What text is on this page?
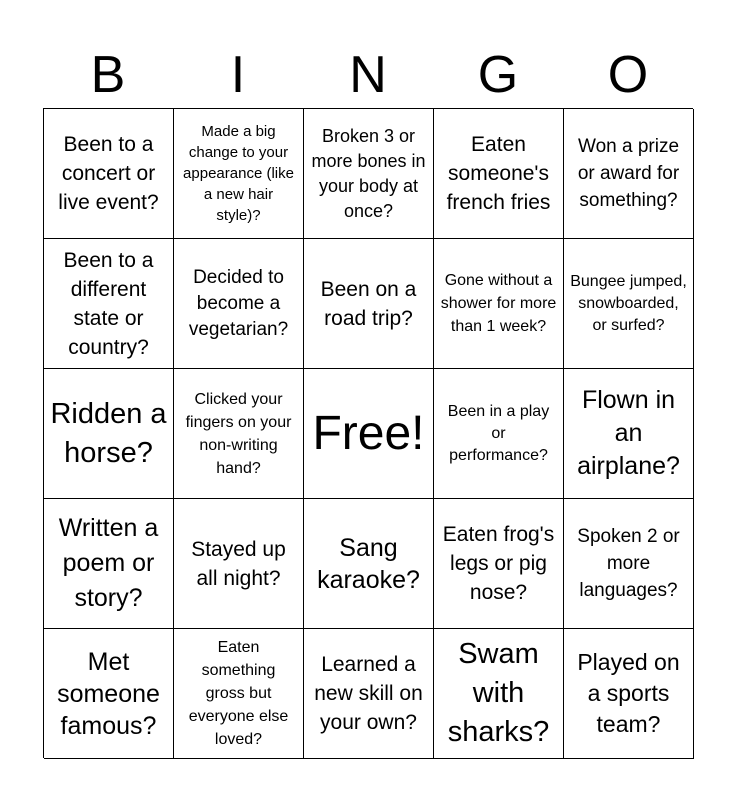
B	I	N	G	O
Been to a concert or live event?
Made a big change to your appearance (like a new hair style)?
Broken 3 or more bones in your body at once?
Eaten someone's french fries
Won a prize or award for something?
Been to a different state or country?
Decided to become a vegetarian?
Been on a road trip?
Gone without a shower for more than 1 week?
Bungee jumped, snowboarded, or surfed?
Ridden a horse?
Clicked your fingers on your non-writing hand?
Free!	Been in a play or performance?
Flown in an airplane?
Written a poem or story?
Stayed up all night?
Sang karaoke?
Eaten frog's legs or pig nose?
Spoken 2 or more languages?
Met someone famous?
Eaten something gross but everyone else loved?
Learned a new skill on your own?
Swam with sharks?
Played on a sports team?
